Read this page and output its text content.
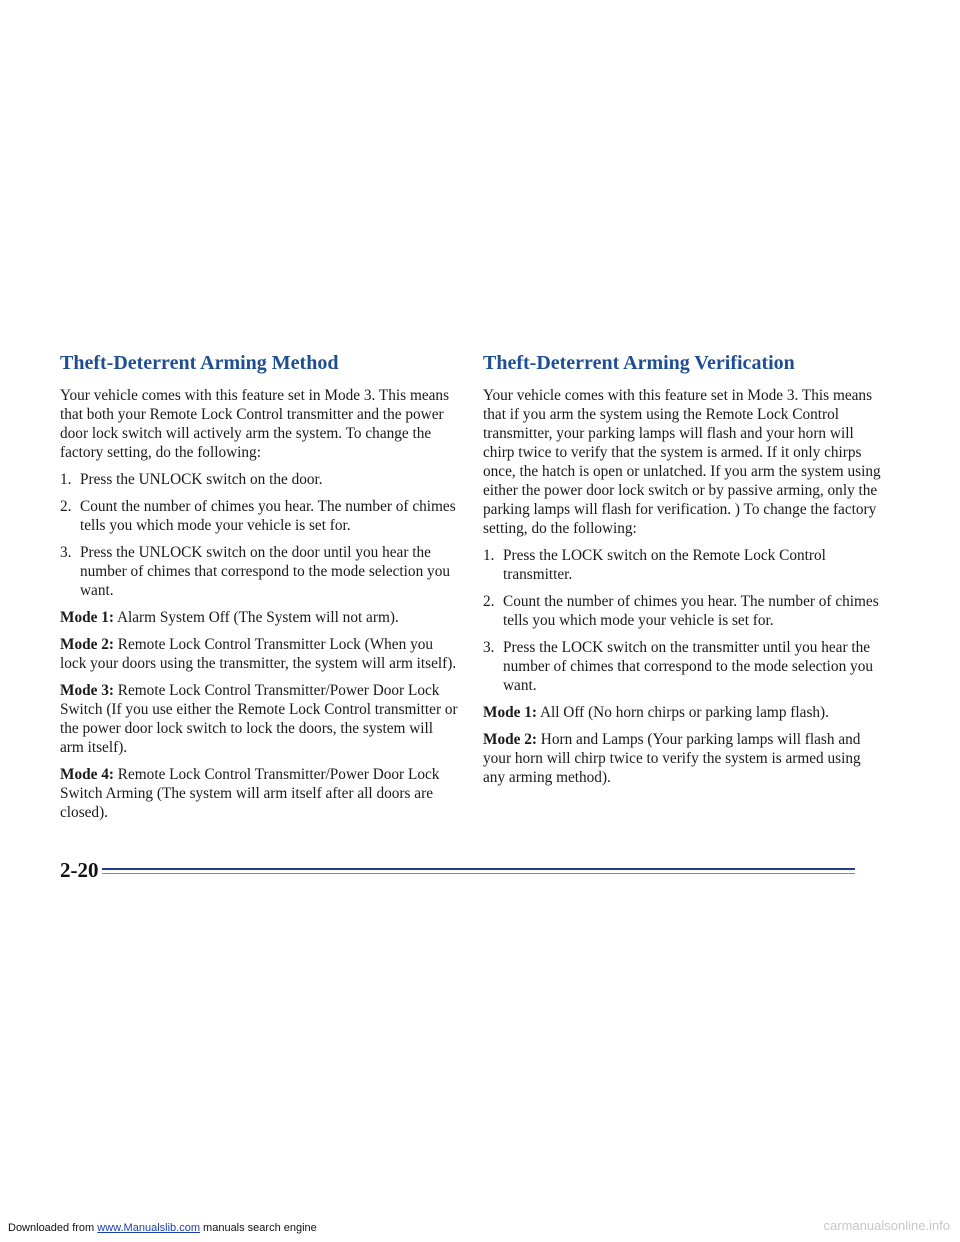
Theft-Deterrent Arming Method

Your vehicle comes with this feature set in Mode 3. This means that both your Remote Lock Control transmitter and the power door lock switch will actively arm the system. To change the factory setting, do the following:

1. Press the UNLOCK switch on the door.
2. Count the number of chimes you hear. The number of chimes tells you which mode your vehicle is set for.
3. Press the UNLOCK switch on the door until you hear the number of chimes that correspond to the mode selection you want.

Mode 1: Alarm System Off (The System will not arm).

Mode 2: Remote Lock Control Transmitter Lock (When you lock your doors using the transmitter, the system will arm itself).

Mode 3: Remote Lock Control Transmitter/Power Door Lock Switch (If you use either the Remote Lock Control transmitter or the power door lock switch to lock the doors, the system will arm itself).

Mode 4: Remote Lock Control Transmitter/Power Door Lock Switch Arming (The system will arm itself after all doors are closed).

Theft-Deterrent Arming Verification

Your vehicle comes with this feature set in Mode 3. This means that if you arm the system using the Remote Lock Control transmitter, your parking lamps will flash and your horn will chirp twice to verify that the system is armed. If it only chirps once, the hatch is open or unlatched. If you arm the system using either the power door lock switch or by passive arming, only the parking lamps will flash for verification. ) To change the factory setting, do the following:

1. Press the LOCK switch on the Remote Lock Control transmitter.
2. Count the number of chimes you hear. The number of chimes tells you which mode your vehicle is set for.
3. Press the LOCK switch on the transmitter until you hear the number of chimes that correspond to the mode selection you want.

Mode 1: All Off (No horn chirps or parking lamp flash).

Mode 2: Horn and Lamps (Your parking lamps will flash and your horn will chirp twice to verify the system is armed using any arming method).

2-20
Downloaded from www.Manualslib.com manuals search engine	carmanualsonline.info
